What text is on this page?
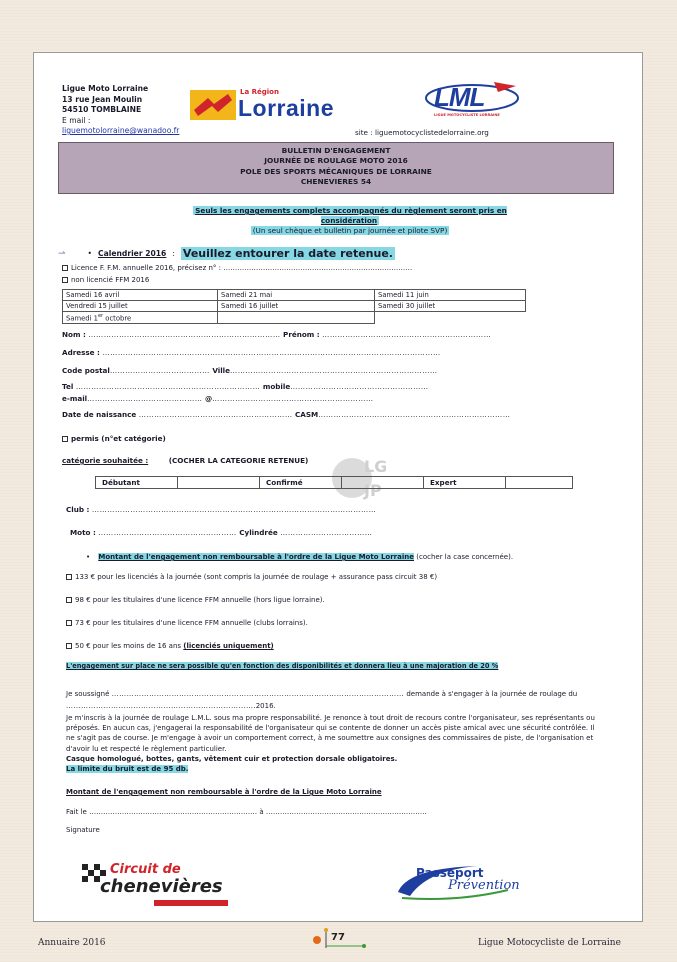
Ligue Moto Lorraine
13 rue Jean Moulin
54510 TOMBLAINE
E mail :
liguemotolorraine@wanadoo.fr
La Région
Lorraine	LML
LIGUE MOTOCYCLISTE LORRAINE
site : liguemotocyclistedelorraine.org
BULLETIN D'ENGAGEMENT
JOURNÉE DE ROULAGE MOTO 2016
POLE DES SPORTS MÉCANIQUES DE LORRAINE
CHENEVIERES 54
Seuls les engagements complets accompagnés du règlement seront pris en considération
(Un seul chèque et bulletin par journée et pilote SVP)
⇀	• Calendrier 2016 : Veuillez entourer la date retenue.
Licence F. F.M. annuelle 2016, précisez n° : ………………………………………………………………………
non licencié FFM 2016
Samedi 16 avril	Samedi 21 mai	Samedi 11 juin
Vendredi 15 juillet	Samedi 16 juillet	Samedi 30 juillet
Samedi 1er octobre		
Nom : ………………………………………………………………… Prénom : …………………………………………………………
Adresse : ……………………………………………………………………………………………………………………
Code postal………………………………… Ville………………………………………………………………………
Tel ……………………………………………………………… mobile………………………………………………
e-mail……………………………………… @………………………………………………………
Date de naissance …………………………………………………… CASM…………………………………………………………………
permis (n°et catégorie)
catégorie souhaitée :	(COCHER LA CATEGORIE RETENUE)	LG
JP
Débutant		Confirmé		Expert	
Club : …………………………………………………………………………………………………
Moto : ……………………………………………… Cylindrée ………………………………
• Montant de l'engagement non remboursable à l'ordre de la Ligue Moto Lorraine (cocher la case concernée).
133 € pour les licenciés à la journée (sont compris la journée de roulage + assurance pass circuit 38 €)
98 € pour les titulaires d'une licence FFM annuelle (hors ligue lorraine).
73 € pour les titulaires d'une licence FFM annuelle (clubs lorrains).
50 € pour les moins de 16 ans (licenciés uniquement)
L'engagement sur place ne sera possible qu'en fonction des disponibilités et donnera lieu à une majoration de 20 %
Je soussigné ……………………………………………………………………………………………………… demande à s'engager à la journée de roulage du
………………………………………………………………….2016.
Je m'inscris à la journée de roulage L.M.L. sous ma propre responsabilité. Je renonce à tout droit de recours contre l'organisateur, ses représentants ou préposés. En aucun cas, j'engagerai la responsabilité de l'organisateur qui se contente de donner un accès piste amical avec une sécurité contrôlée. Il ne s'agit pas de course. Je m'engage à avoir un comportement correct, à me soumettre aux consignes des commissaires de piste, de l'organisation et d'avoir lu et respecté le règlement particulier.
Casque homologué, bottes, gants, vêtement cuir et protection dorsale obligatoires.
La limite du bruit est de 95 db.
Montant de l'engagement non remboursable à l'ordre de la Ligue Moto Lorraine
Fait le ……………………………………………………………… à ……………………………………………………………
Signature
Circuit de
chenevières
Passeport
Prévention
Annuaire 2016	77	Ligue Motocycliste de Lorraine
